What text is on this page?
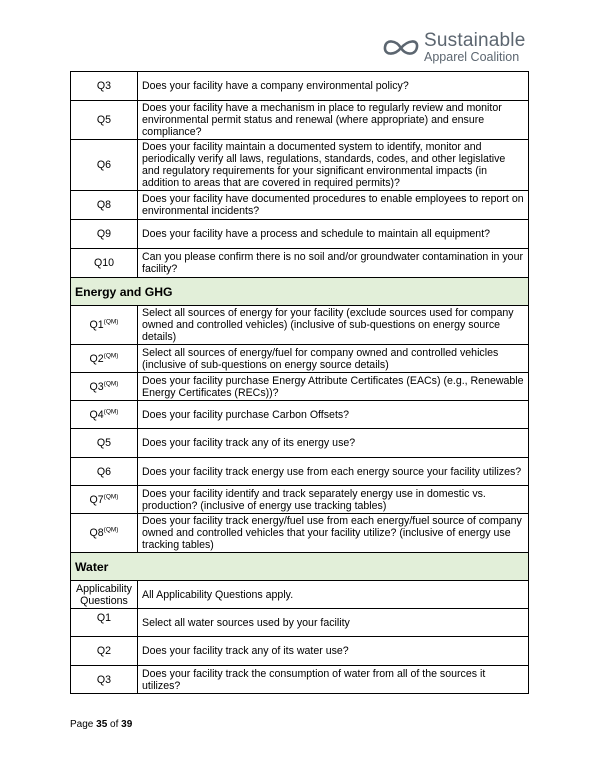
Sustainable
Apparel Coalition
Q3	Does your facility have a company environmental policy?
Q5	Does your facility have a mechanism in place to regularly review and monitor environmental permit status and renewal (where appropriate) and ensure compliance?
Q6	Does your facility maintain a documented system to identify, monitor and periodically verify all laws, regulations, standards, codes, and other legislative and regulatory requirements for your significant environmental impacts (in addition to areas that are covered in required permits)?
Q8	Does your facility have documented procedures to enable employees to report on environmental incidents?
Q9	Does your facility have a process and schedule to maintain all equipment?
Q10	Can you please confirm there is no soil and/or groundwater contamination in your facility?
Energy and GHG	
$Q1^{(QM)}$	Select all sources of energy for your facility (exclude sources used for company owned and controlled vehicles) (inclusive of sub-questions on energy source details)
$Q2^{(QM)}$	Select all sources of energy/fuel for company owned and controlled vehicles (inclusive of sub-questions on energy source details)
$Q3^{(QM)}$	Does your facility purchase Energy Attribute Certificates (EACs) (e.g., Renewable Energy Certificates (RECs))?
$Q4^{(QM)}$	Does your facility purchase Carbon Offsets?
Q5	Does your facility track any of its energy use?
Q6	Does your facility track energy use from each energy source your facility utilizes?
$Q7^{(QM)}$	Does your facility identify and track separately energy use in domestic vs. production? (inclusive of energy use tracking tables)
$Q8^{(QM)}$	Does your facility track energy/fuel use from each energy/fuel source of company owned and controlled vehicles that your facility utilize? (inclusive of energy use tracking tables)
Water	
Applicability Questions	All Applicability Questions apply.
Q1	Select all water sources used by your facility
Q2	Does your facility track any of its water use?
Q3	Does your facility track the consumption of water from all of the sources it utilizes?
Page 35 of 39
